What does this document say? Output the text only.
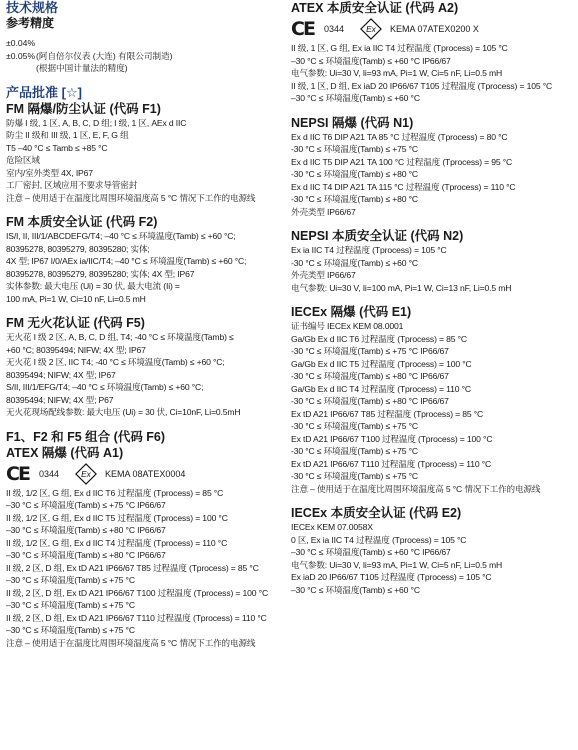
技术规格
参考精度
±0.04%
±0.05% (阿自倍尔仪表 (大连) 有限公司制造)
(根据中国计量法的精度)
产品批准 [☆]
FM 隔爆/防尘认证 (代码 F1)
防爆 I 级, 1 区, A, B, C, D 组; I 级, 1 区, AEx d IIC
防尘 II 级和 III 级, 1 区, E, F, G 组
T5 –40 °C ≤ Tamb ≤ +85 °C
危险区域
室内/室外类型 4X, IP67
工厂密封, 区域应用不要求导管密封
注意 – 使用适于在温度比周围环境温度高 5 °C 情况下工作的电源线
FM 本质安全认证 (代码 F2)
IS/I, II, III/1/ABCDEFG/T4; –40 °C ≤ 环境温度(Tamb) ≤ +60 °C;
80395278, 80395279, 80395280; 实体;
4X 型; IP67 I/0/AEx ia/IIC/T4; –40 °C ≤ 环境温度(Tamb) ≤ +60 °C;
80395278, 80395279, 80395280; 实体; 4X 型; IP67
实体参数: 最大电压 (Ui) = 30 伏, 最大电流 (Ii) =
100 mA, Pi=1 W, Ci=10 nF, Li=0.5 mH
FM 无火花认证 (代码 F5)
无火花 I 级 2 区, A, B, C, D 组, T4; -40 °C ≤ 环境温度(Tamb) ≤
+60 °C; 80395494; NIFW; 4X 型; IP67
无火花 I 级 2 区, IIC T4; -40 °C ≤ 环境温度(Tamb) ≤ +60 °C;
80395494; NIFW; 4X 型; IP67
S/II, III/1/EFG/T4; –40 °C ≤ 环境温度(Tamb) ≤ +60 °C;
80395494; NIFW; 4X 型; P67
无火花现场配线参数: 最大电压 (Ui) = 30 伏, Ci=10nF, Li=0.5mH
F1、F2 和 F5 组合 (代码 F6)
ATEX 隔爆 (代码 A1)
CE 0344 Ex KEMA 08ATEX0004
II 级, 1/2 区, G 组, Ex d IIC T6 过程温度 (Tprocess) = 85 °C
–30 °C ≤ 环境温度(Tamb) ≤ +75 °C IP66/67
II 级, 1/2 区, G 组, Ex d IIC T5 过程温度 (Tprocess) = 100 °C
–30 °C ≤ 环境温度(Tamb) ≤ +80 °C IP66/67
II 级, 1/2 区, G 组, Ex d IIC T4 过程温度 (Tprocess) = 110 °C
–30 °C ≤ 环境温度(Tamb) ≤ +80 °C IP66/67
II 级, 2 区, D 组, Ex tD A21 IP66/67 T85 过程温度 (Tprocess) = 85 °C
–30 °C ≤ 环境温度(Tamb) ≤ +75 °C
II 级, 2 区, D 组, Ex tD A21 IP66/67 T100 过程温度 (Tprocess) = 100 °C
–30 °C ≤ 环境温度(Tamb) ≤ +75 °C
II 级, 2 区, D 组, Ex tD A21 IP66/67 T110 过程温度 (Tprocess) = 110 °C
–30 °C ≤ 环境温度(Tamb) ≤ +75 °C
注意 – 使用适于在温度比周围环境温度高 5 °C 情况下工作的电源线
ATEX 本质安全认证 (代码 A2)
CE 0344 Ex KEMA 07ATEX0200 X
II 级, 1 区, G 组, Ex ia IIC T4 过程温度 (Tprocess) = 105 °C
–30 °C ≤ 环境温度(Tamb) ≤ +60 °C IP66/67
电气参数: Ui=30 V, Ii=93 mA, Pi=1 W, Ci=5 nF, Li=0.5 mH
II 级, 1 区, D 组, Ex iaD 20 IP66/67 T105 过程温度 (Tprocess) = 105 °C
–30 °C ≤ 环境温度(Tamb) ≤ +60 °C
NEPSI 隔爆 (代码 N1)
Ex d IIC T6 DIP A21 TA 85 °C 过程温度 (Tprocess) = 80 °C
-30 °C ≤ 环境温度(Tamb) ≤ +75 °C
Ex d IIC T5 DIP A21 TA 100 °C 过程温度 (Tprocess) = 95 °C
-30 °C ≤ 环境温度(Tamb) ≤ +80 °C
Ex d IIC T4 DIP A21 TA 115 °C 过程温度 (Tprocess) = 110 °C
-30 °C ≤ 环境温度(Tamb) ≤ +80 °C
外壳类型 IP66/67
NEPSI 本质安全认证 (代码 N2)
Ex ia IIC T4 过程温度 (Tprocess) = 105 °C
-30 °C ≤ 环境温度(Tamb) ≤ +60 °C
外壳类型 IP66/67
电气参数: Ui=30 V, Ii=100 mA, Pi=1 W, Ci=13 nF, Li=0.5 mH
IECEx 隔爆 (代码 E1)
证书编号 IECEx KEM 08.0001
Ga/Gb Ex d IIC T6 过程温度 (Tprocess) = 85 °C
-30 °C ≤ 环境温度(Tamb) ≤ +75 °C IP66/67
Ga/Gb Ex d IIC T5 过程温度 (Tprocess) = 100 °C
-30 °C ≤ 环境温度(Tamb) ≤ +80 °C IP66/67
Ga/Gb Ex d IIC T4 过程温度 (Tprocess) = 110 °C
-30 °C ≤ 环境温度(Tamb) ≤ +80 °C IP66/67
Ex tD A21 IP66/67 T85 过程温度 (Tprocess) = 85 °C
-30 °C ≤ 环境温度(Tamb) ≤ +75 °C
Ex tD A21 IP66/67 T100 过程温度 (Tprocess) = 100 °C
-30 °C ≤ 环境温度(Tamb) ≤ +75 °C
Ex tD A21 IP66/67 T110 过程温度 (Tprocess) = 110 °C
-30 °C ≤ 环境温度(Tamb) ≤ +75 °C
注意 – 使用适于在温度比周围环境温度高 5 °C 情况下工作的电源线
IECEx 本质安全认证 (代码 E2)
IECEx KEM 07.0058X
0 区, Ex ia IIC T4 过程温度 (Tprocess) = 105 °C
–30 °C ≤ 环境温度(Tamb) ≤ +60 °C IP66/67
电气参数: Ui=30 V, Ii=93 mA, Pi=1 W, Ci=5 nF, Li=0.5 mH
Ex iaD 20 IP66/67 T105 过程温度 (Tprocess) = 105 °C
–30 °C ≤ 环境温度(Tamb) ≤ +60 °C
